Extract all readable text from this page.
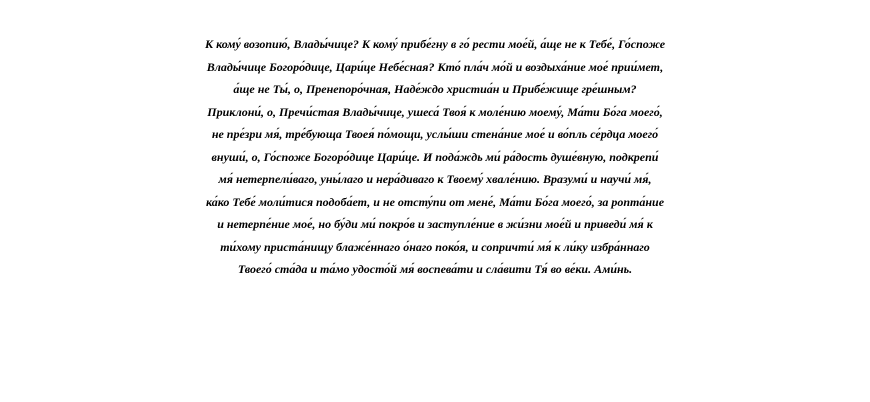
К кому́ возопию́, Влады́чице? К кому́ прибе́гну в го́ рести мое́й, а́ще не к Тебе́, Го́споже
Влады́чице Богоро́дице, Цари́це Небе́сная? Кто́ пла́ч мо́й и воздыха́ние мое́ прии́мет,
а́ще не Ты́, о, Пренепоро́чная, Наде́ждо христиа́н и Прибе́жище гре́шным?
Приклони́, о, Пречи́стая Влады́чице, ушеса́ Твоя́ к моле́нию моему́, Ма́ти Бо́га моего́,
не пре́зри мя́, тре́бующа Твоея́ по́мощи, услы́ши стена́ние мое́ и во́пль се́рдца моего́
внуши́, о, Го́споже Богоро́дице Цари́це. И пода́ждь ми́ ра́дость душе́вную, подкрепи́
мя́ нетерпели́ваго, уны́лаго и нера́диваго к Твоему́ хвале́нию. Вразуми́ и научи́ мя́,
ка́ко Тебе́ моли́тися подоба́ет, и не отсту́пи от мене́, Ма́ти Бо́га моего́, за ропта́ние
и нетерпе́ние мое́, но бу́ди ми́ покро́в и заступле́ние в жи́зни мое́й и приведи́ мя́ к
ти́хому приста́нищу блаже́ннаго о́наго поко́я, и сопричти́ мя́ к ли́ку избра́ннаго
Твоего́ ста́да и та́мо удосто́й мя́ воспева́ти и сла́вити Тя́ во ве́ки. Ами́нь.
